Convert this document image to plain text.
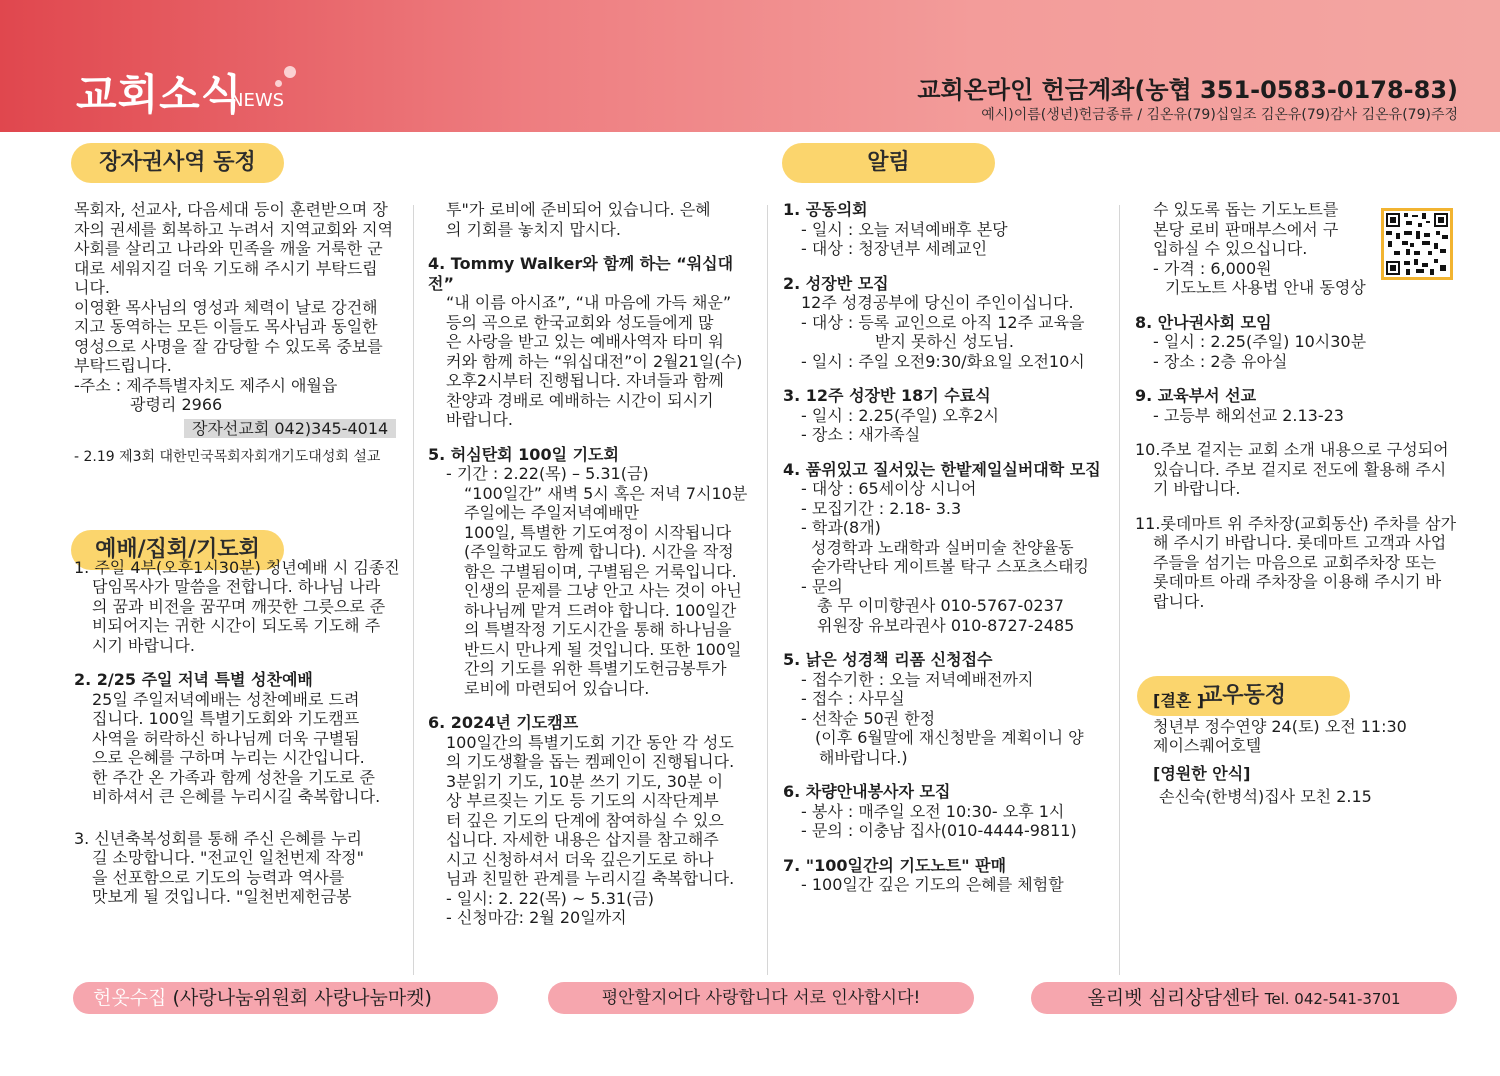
교회소식
NEWS	교회온라인 헌금계좌(농협 351-0583-0178-83)
예시)이름(생년)헌금종류 / 김온유(79)십일조 김온유(79)감사 김온유(79)주정
장자권사역 동정
예배/집회/기도회
알림
교우동정

목회자, 선교사, 다음세대 등이 훈련받으며 장

자의 권세를 회복하고 누려서 지역교회와 지역

사회를 살리고 나라와 민족을 깨울 거룩한 군

대로 세워지길 더욱 기도해 주시기 부탁드립

니다.

이영환 목사님의 영성과 체력이 날로 강건해

지고 동역하는 모든 이들도 목사님과 동일한

영성으로 사명을 잘 감당할 수 있도록 중보를

부탁드립니다.

-주소 : 제주특별자치도 제주시 애월읍

광령리 2966

장자선교회 042)345-4014

- 2.19 제3회 대한민국목회자회개기도대성회 설교

1. 주일 4부(오후1시30분) 청년예배 시 김종진

담임목사가 말씀을 전합니다. 하나님 나라

의 꿈과 비전을 꿈꾸며 깨끗한 그릇으로 준

비되어지는 귀한 시간이 되도록 기도해 주

시기 바랍니다.

2. 2/25 주일 저녁 특별 성찬예배

25일 주일저녁예배는 성찬예배로 드려

집니다. 100일 특별기도회와 기도캠프

사역을 허락하신 하나님께 더욱 구별됨

으로 은혜를 구하며 누리는 시간입니다.

한 주간 온 가족과 함께 성찬을 기도로 준

비하셔서 큰 은혜를 누리시길 축복합니다.

3. 신년축복성회를 통해 주신 은혜를 누리

길 소망합니다. "전교인 일천번제 작정"

을 선포함으로 기도의 능력과 역사를

맛보게 될 것입니다. "일천번제헌금봉

투"가 로비에 준비되어 있습니다. 은혜

의 기회를 놓치지 맙시다.

4. Tommy Walker와 함께 하는 “워십대전”

“내 이름 아시죠”, “내 마음에 가득 채운”

등의 곡으로 한국교회와 성도들에게 많

은 사랑을 받고 있는 예배사역자 타미 워

커와 함께 하는 “워십대전”이 2월21일(수)

오후2시부터 진행됩니다. 자녀들과 함께

찬양과 경배로 예배하는 시간이 되시기

바랍니다.

5. 허심탄회 100일 기도회

- 기간 : 2.22(목) – 5.31(금)

“100일간” 새벽 5시 혹은 저녁 7시10분

주일에는 주일저녁예배만

100일, 특별한 기도여정이 시작됩니다

(주일학교도 함께 합니다). 시간을 작정

함은 구별됨이며, 구별됨은 거룩입니다.

인생의 문제를 그냥 안고 사는 것이 아닌

하나님께 맡겨 드려야 합니다. 100일간

의 특별작정 기도시간을 통해 하나님을

반드시 만나게 될 것입니다. 또한 100일

간의 기도를 위한 특별기도헌금봉투가

로비에 마련되어 있습니다.

6. 2024년 기도캠프

100일간의 특별기도회 기간 동안 각 성도

의 기도생활을 돕는 켐페인이 진행됩니다.

3분읽기 기도, 10분 쓰기 기도, 30분 이

상 부르짖는 기도 등 기도의 시작단계부

터 깊은 기도의 단계에 참여하실 수 있으

십니다. 자세한 내용은 삽지를 참고해주

시고 신청하셔서 더욱 깊은기도로 하나

님과 친밀한 관계를 누리시길 축복합니다.

- 일시: 2. 22(목) ~ 5.31(금)

- 신청마감: 2월 20일까지

1. 공동의회

- 일시 : 오늘 저녁예배후 본당

- 대상 : 청장년부 세례교인

2. 성장반 모집

12주 성경공부에 당신이 주인이십니다.

- 대상 : 등록 교인으로 아직 12주 교육을

받지 못하신 성도님.

- 일시 : 주일 오전9:30/화요일 오전10시

3. 12주 성장반 18기 수료식

- 일시 : 2.25(주일) 오후2시

- 장소 : 새가족실

4. 품위있고 질서있는 한밭제일실버대학 모집

- 대상 : 65세이상 시니어

- 모집기간 : 2.18- 3.3

- 학과(8개)

성경학과 노래학과 실버미술 찬양율동

숟가락난타 게이트볼 탁구 스포츠스태킹

- 문의

총 무 이미향권사 010-5767-0237

위원장 유보라권사 010-8727-2485

5. 낡은 성경책 리폼 신청접수

- 접수기한 : 오늘 저녁예배전까지

- 접수 : 사무실

- 선착순 50권 한정

(이후 6월말에 재신청받을 계획이니 양

해바랍니다.)

6. 차량안내봉사자 모집

- 봉사 : 매주일 오전 10:30- 오후 1시

- 문의 : 이충남 집사(010-4444-9811)

7. "100일간의 기도노트" 판매

- 100일간 깊은 기도의 은혜를 체험할

수 있도록 돕는 기도노트를

본당 로비 판매부스에서 구

입하실 수 있으십니다.

- 가격 : 6,000원

기도노트 사용법 안내 동영상

8. 안나권사회 모임

- 일시 : 2.25(주일) 10시30분

- 장소 : 2층 유아실

9. 교육부서 선교

- 고등부 해외선교 2.13-23

10.주보 겉지는 교회 소개 내용으로 구성되어

있습니다. 주보 겉지로 전도에 활용해 주시

기 바랍니다.

11.롯데마트 위 주차장(교회동산) 주차를 삼가

해 주시기 바랍니다. 롯데마트 고객과 사업

주들을 섬기는 마음으로 교회주차장 또는

롯데마트 아래 주차장을 이용해 주시기 바

랍니다.

[결혼 ]

청년부 정수연양 24(토) 오전 11:30

제이스퀘어호텔

[영원한 안식]

손신숙(한병석)집사 모친 2.15

헌옷수집 (사랑나눔위원회 사랑나눔마켓)	평안할지어다 사랑합니다 서로 인사합시다!	올리벳 심리상담센타 Tel. 042-541-3701
